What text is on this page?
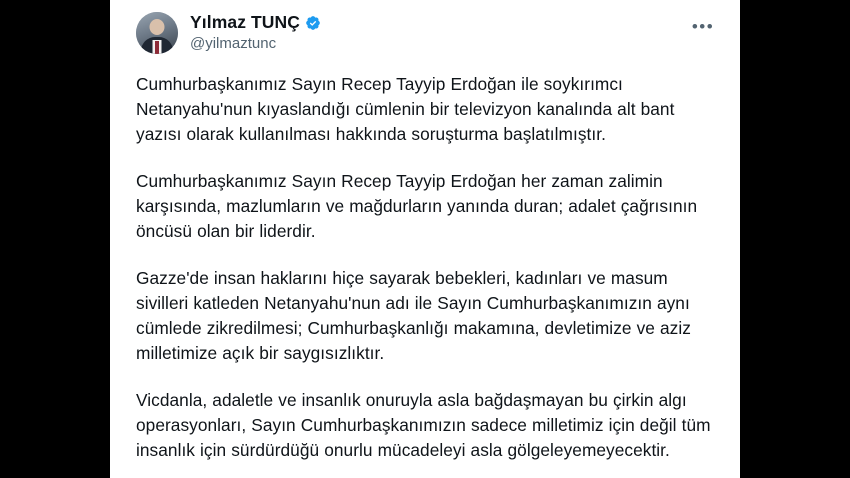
Yılmaz TUNÇ
@yilmaztunc
•••

Cumhurbaşkanımız Sayın Recep Tayyip Erdoğan ile soykırımcı Netanyahu'nun kıyaslandığı cümlenin bir televizyon kanalında alt bant yazısı olarak kullanılması hakkında soruşturma başlatılmıştır.

Cumhurbaşkanımız Sayın Recep Tayyip Erdoğan her zaman zalimin karşısında, mazlumların ve mağdurların yanında duran; adalet çağrısının öncüsü olan bir liderdir.

Gazze'de insan haklarını hiçe sayarak bebekleri, kadınları ve masum sivilleri katleden Netanyahu'nun adı ile Sayın Cumhurbaşkanımızın aynı cümlede zikredilmesi; Cumhurbaşkanlığı makamına, devletimize ve aziz milletimize açık bir saygısızlıktır.

Vicdanla, adaletle ve insanlık onuruyla asla bağdaşmayan bu çirkin algı operasyonları, Sayın Cumhurbaşkanımızın sadece milletimiz için değil tüm insanlık için sürdürdüğü onurlu mücadeleyi asla gölgeleyemeyecektir.
